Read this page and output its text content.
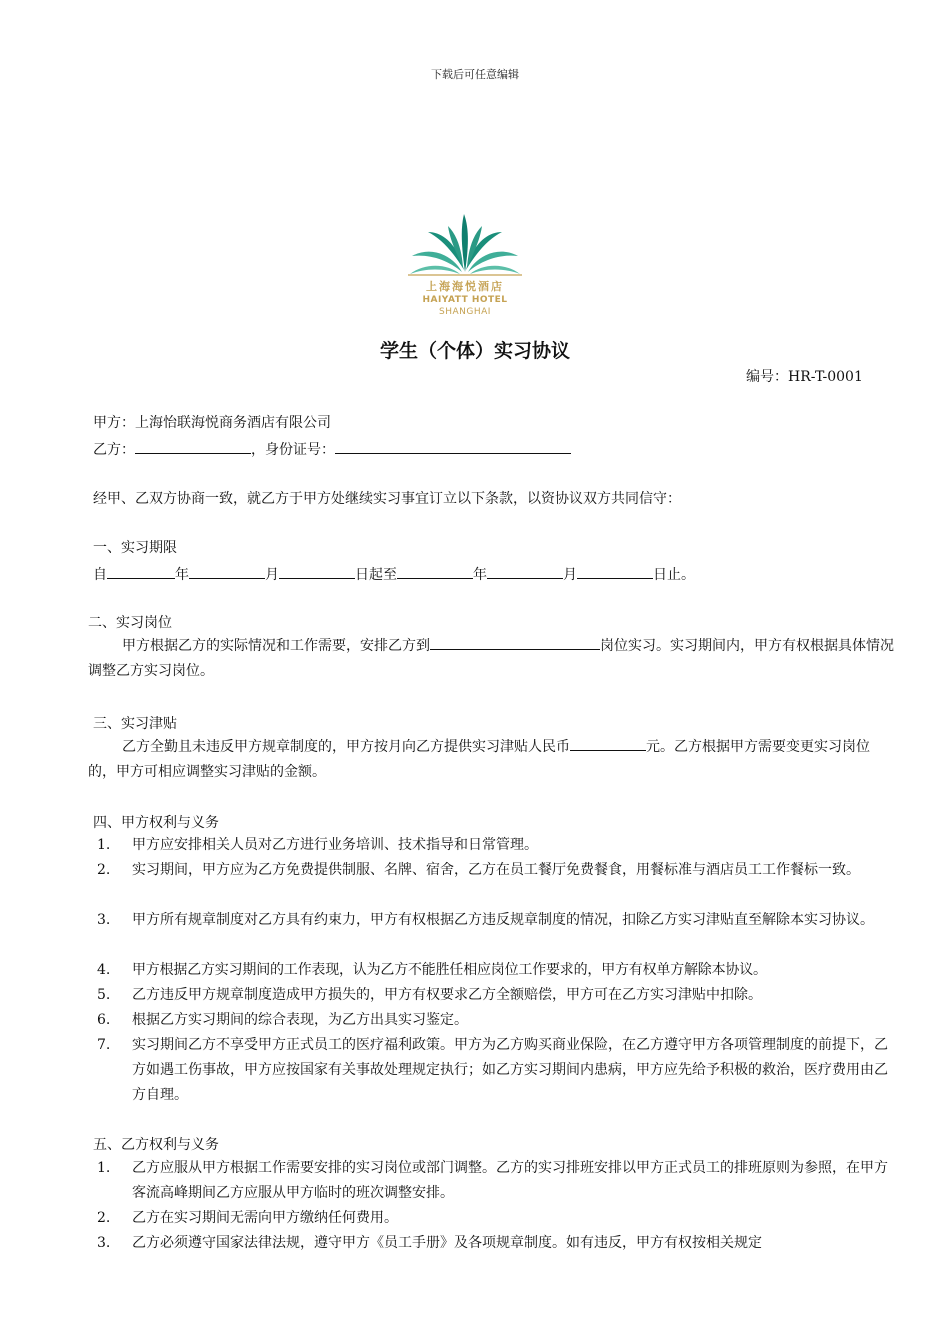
下载后可任意编辑
上海海悦酒店
HAIYATT HOTEL
SHANGHAI
学生（个体）实习协议
编号：HR-T-0001
甲方：上海怡联海悦商务酒店有限公司
乙方：	，身份证号：
经甲、乙双方协商一致，就乙方于甲方处继续实习事宜订立以下条款，以资协议双方共同信守：
一、实习期限
自	年	月	日起至	年	月	日止。
二、实习岗位
甲方根据乙方的实际情况和工作需要，安排乙方到	岗位实习。实习期间内，甲方有权根据具体情况调整乙方实习岗位。
三、实习津贴
乙方全勤且未违反甲方规章制度的，甲方按月向乙方提供实习津贴人民币	元。乙方根据甲方需要变更实习岗位的，甲方可相应调整实习津贴的金额。
四、甲方权利与义务
1. 甲方应安排相关人员对乙方进行业务培训、技术指导和日常管理。
2. 实习期间，甲方应为乙方免费提供制服、名牌、宿舍，乙方在员工餐厅免费餐食，用餐标准与酒店员工工作餐标一致。
3. 甲方所有规章制度对乙方具有约束力，甲方有权根据乙方违反规章制度的情况，扣除乙方实习津贴直至解除本实习协议。
4. 甲方根据乙方实习期间的工作表现，认为乙方不能胜任相应岗位工作要求的，甲方有权单方解除本协议。
5. 乙方违反甲方规章制度造成甲方损失的，甲方有权要求乙方全额赔偿，甲方可在乙方实习津贴中扣除。
6. 根据乙方实习期间的综合表现，为乙方出具实习鉴定。
7. 实习期间乙方不享受甲方正式员工的医疗福利政策。甲方为乙方购买商业保险，在乙方遵守甲方各项管理制度的前提下，乙方如遇工伤事故，甲方应按国家有关事故处理规定执行；如乙方实习期间内患病，甲方应先给予积极的救治，医疗费用由乙方自理。
五、乙方权利与义务
1. 乙方应服从甲方根据工作需要安排的实习岗位或部门调整。乙方的实习排班安排以甲方正式员工的排班原则为参照，在甲方客流高峰期间乙方应服从甲方临时的班次调整安排。
2. 乙方在实习期间无需向甲方缴纳任何费用。
3. 乙方必须遵守国家法律法规，遵守甲方《员工手册》及各项规章制度。如有违反，甲方有权按相关规定
